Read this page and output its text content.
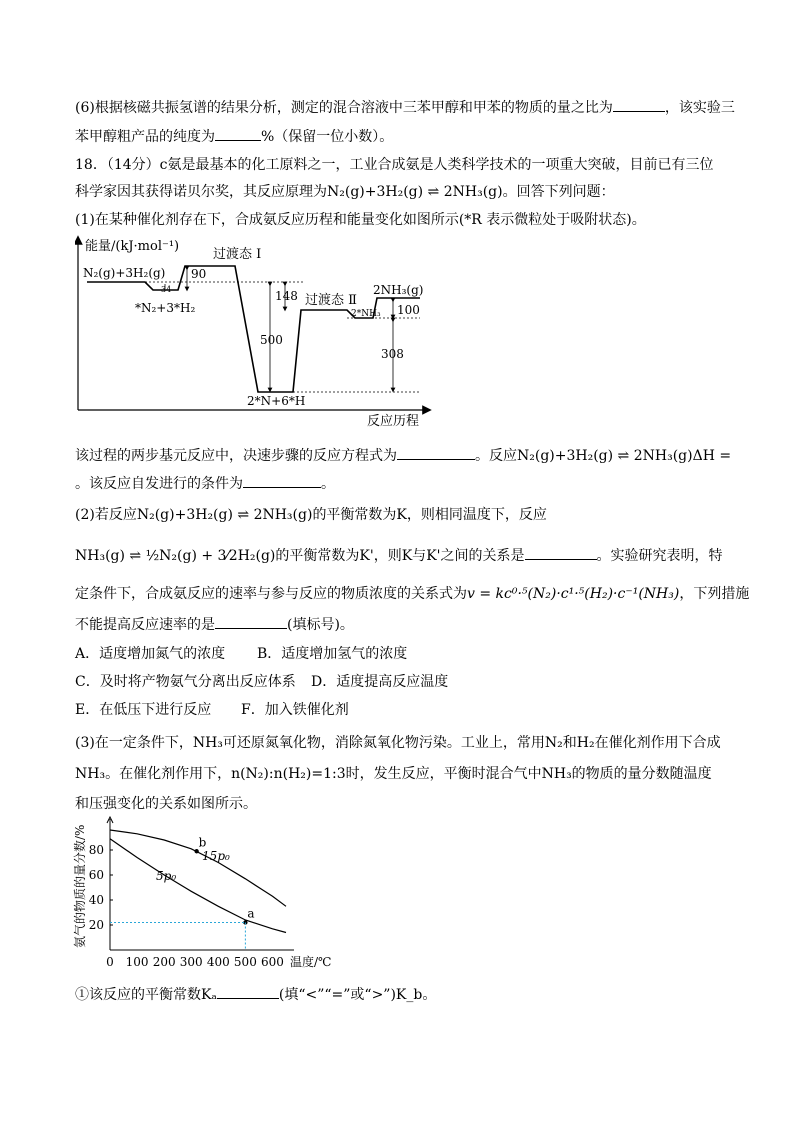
(6)根据核磁共振氢谱的结果分析，测定的混合溶液中三苯甲醇和甲苯的物质的量之比为	，该实验三
苯甲醇粗产品的纯度为	%（保留一位小数）。
18．（14分）c氨是最基本的化工原料之一，工业合成氨是人类科学技术的一项重大突破，目前已有三位
科学家因其获得诺贝尔奖，其反应原理为N₂(g)+3H₂(g) ⇌ 2NH₃(g)。回答下列问题：
(1)在某种催化剂存在下，合成氨反应历程和能量变化如图所示(*R 表示微粒处于吸附状态)。
能量/(kJ·mol⁻¹)
反应历程
过渡态 Ⅰ
N₂(g)+3H₂(g)
34
90
*N₂+3*H₂
148
500
过渡态 Ⅱ
2*NH₃
2NH₃(g)
100
308
2*N+6*H
该过程的两步基元反应中，决速步骤的反应方程式为	。反应N₂(g)+3H₂(g) ⇌ 2NH₃(g)ΔH =
。该反应自发进行的条件为	。
(2)若反应N₂(g)+3H₂(g) ⇌ 2NH₃(g)的平衡常数为K，则相同温度下，反应
NH₃(g) ⇌ ½N₂(g) + 3⁄2H₂(g)的平衡常数为K'，则K与K'之间的关系是	。实验研究表明，特
定条件下，合成氨反应的速率与参与反应的物质浓度的关系式为v = kc⁰·⁵(N₂)·c¹·⁵(H₂)·c⁻¹(NH₃)，下列措施
不能提高反应速率的是	(填标号)。
A．适度增加氮气的浓度 B．适度增加氢气的浓度
C．及时将产物氨气分离出反应体系 D．适度提高反应温度
E．在低压下进行反应 F．加入铁催化剂
(3)在一定条件下，NH₃可还原氮氧化物，消除氮氧化物污染。工业上，常用N₂和H₂在催化剂作用下合成
NH₃。在催化剂作用下，n(N₂):n(H₂)=1:3时，发生反应，平衡时混合气中NH₃的物质的量分数随温度
和压强变化的关系如图所示。
20
40
60
80
0 100 200 300 400 500 600 温度/℃
氨气的物质的量分数/%	15p₀
5p₀
b
a
①该反应的平衡常数Kₐ	(填“<”“=”或“>”)K_b。
